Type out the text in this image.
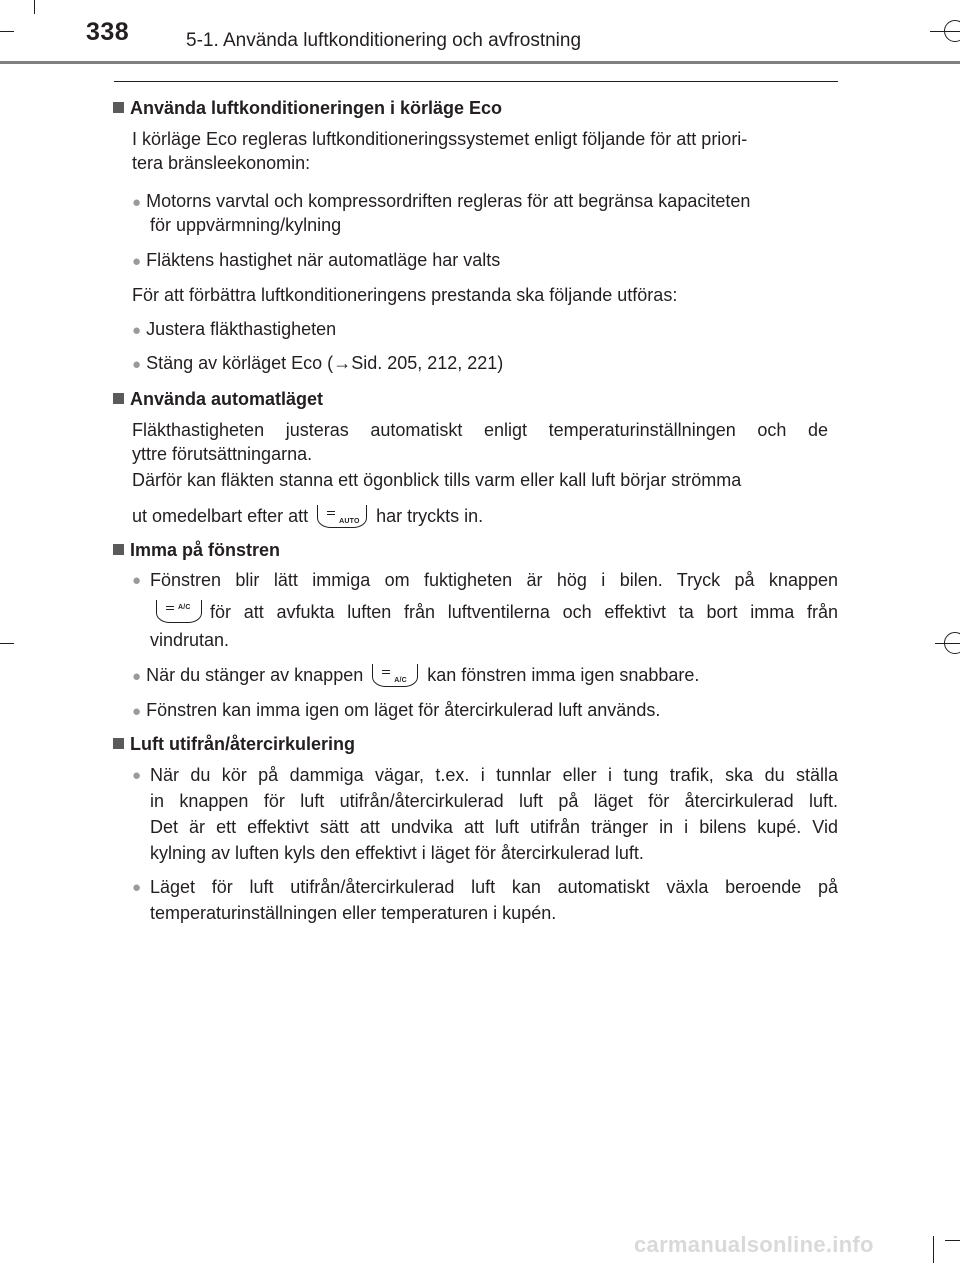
338	5-1. Använda luftkonditionering och avfrostning
Använda luftkonditioneringen i körläge Eco
I körläge Eco regleras luftkonditioneringssystemet enligt följande för att priori-
tera bränsleekonomin:
● Motorns varvtal och kompressordriften regleras för att begränsa kapaciteten
för uppvärmning/kylning
● Fläktens hastighet när automatläge har valts
För att förbättra luftkonditioneringens prestanda ska följande utföras:
● Justera fläkthastigheten
● Stäng av körläget Eco (→Sid. 205, 212, 221)
Använda automatläget
Fläkthastigheten justeras automatiskt enligt temperaturinställningen och de
yttre förutsättningarna.
Därför kan fläkten stanna ett ögonblick tills varm eller kall luft börjar strömma
ut omedelbart efter att	AUTO har tryckts in.
Imma på fönstren
● Fönstren blir lätt immiga om fuktigheten är hög i bilen. Tryck på knappen
A/C för att avfukta luften från luftventilerna och effektivt ta bort imma från
vindrutan.
● När du stänger av knappen	A/C kan fönstren imma igen snabbare.
● Fönstren kan imma igen om läget för återcirkulerad luft används.
Luft utifrån/återcirkulering
● När du kör på dammiga vägar, t.ex. i tunnlar eller i tung trafik, ska du ställa
in knappen för luft utifrån/återcirkulerad luft på läget för återcirkulerad luft.
Det är ett effektivt sätt att undvika att luft utifrån tränger in i bilens kupé. Vid
kylning av luften kyls den effektivt i läget för återcirkulerad luft.
● Läget för luft utifrån/återcirkulerad luft kan automatiskt växla beroende på
temperaturinställningen eller temperaturen i kupén.
carmanualsonline.info
